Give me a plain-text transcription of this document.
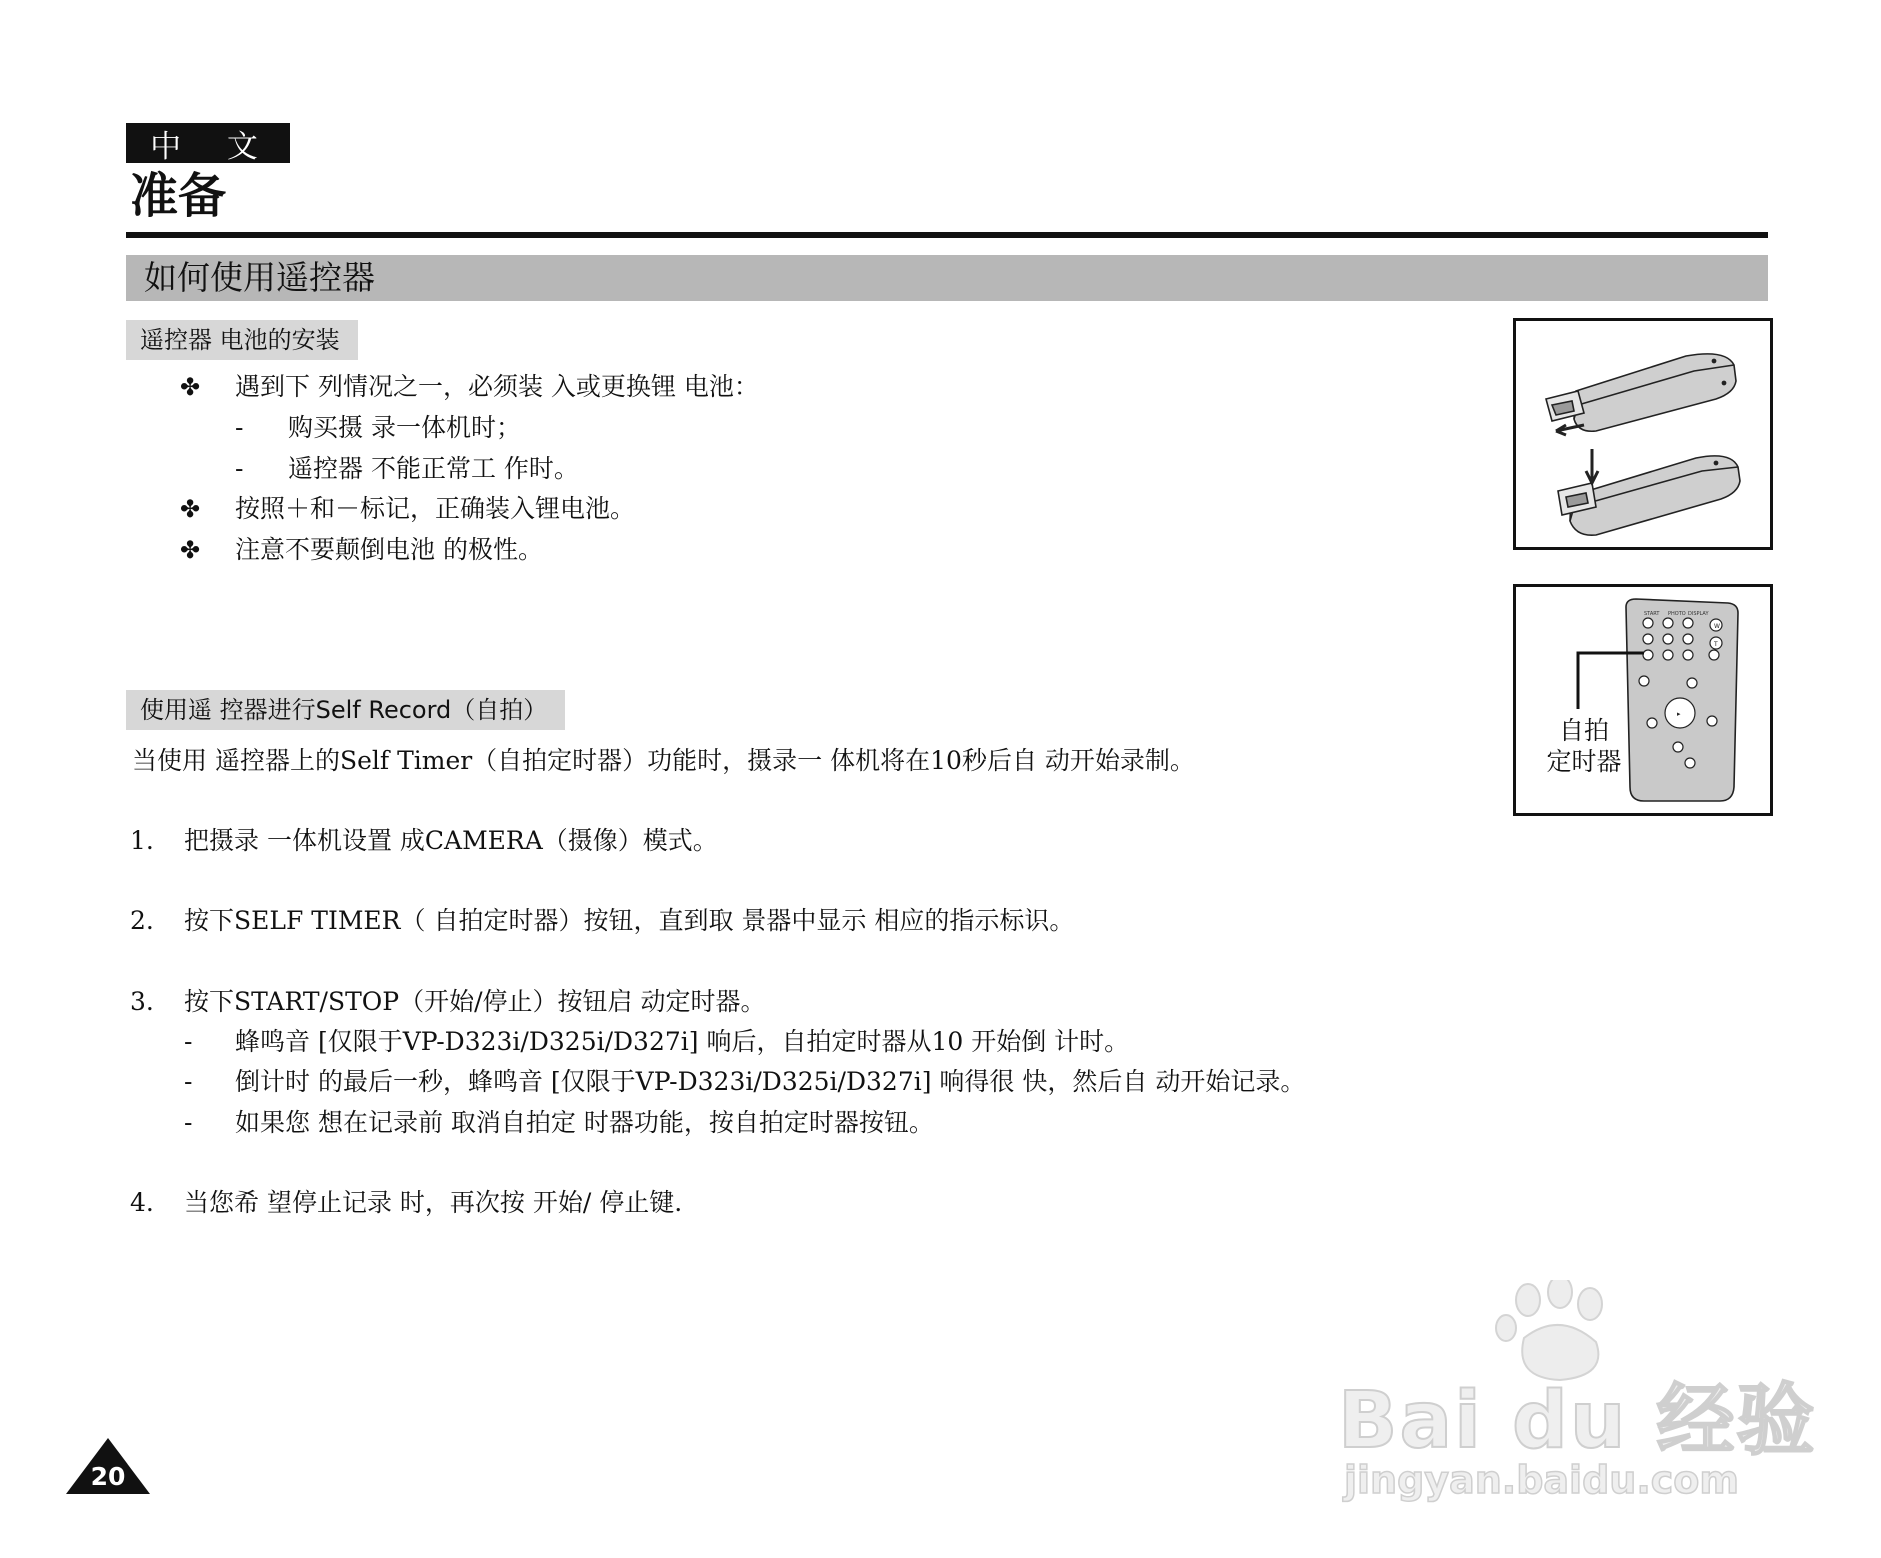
中 文
准备
如何使用遥控器
遥控器 电池的安装
✤ 遇到下 列情况之一，必须装 入或更换锂 电池：
- 购买摄 录一体机时；
- 遥控器 不能正常工 作时。
✤ 按照＋和－标记，正确装入锂电池。
✤ 注意不要颠倒电池 的极性。
使用遥 控器进行Self Record（自拍）
当使用 遥控器上的Self Timer（自拍定时器）功能时，摄录一 体机将在10秒后自 动开始录制。
1. 把摄录 一体机设置 成CAMERA（摄像）模式。
2. 按下SELF TIMER（ 自拍定时器）按钮，直到取 景器中显示 相应的指示标识。
3. 按下START/STOP（开始/停止）按钮启 动定时器。
- 蜂鸣音 [仅限于VP-D323i/D325i/D327i] 响后，自拍定时器从10 开始倒 计时。
- 倒计时 的最后一秒，蜂鸣音 [仅限于VP-D323i/D325i/D327i] 响得很 快，然后自 动开始记录。
- 如果您 想在记录前 取消自拍定 时器功能，按自拍定时器按钮。
4. 当您希 望停止记录 时，再次按 开始/ 停止键.
START PHOTO DISPLAY
W
T
▸
自拍
定时器
20
Bai du 经验
jingyan.baidu.com
